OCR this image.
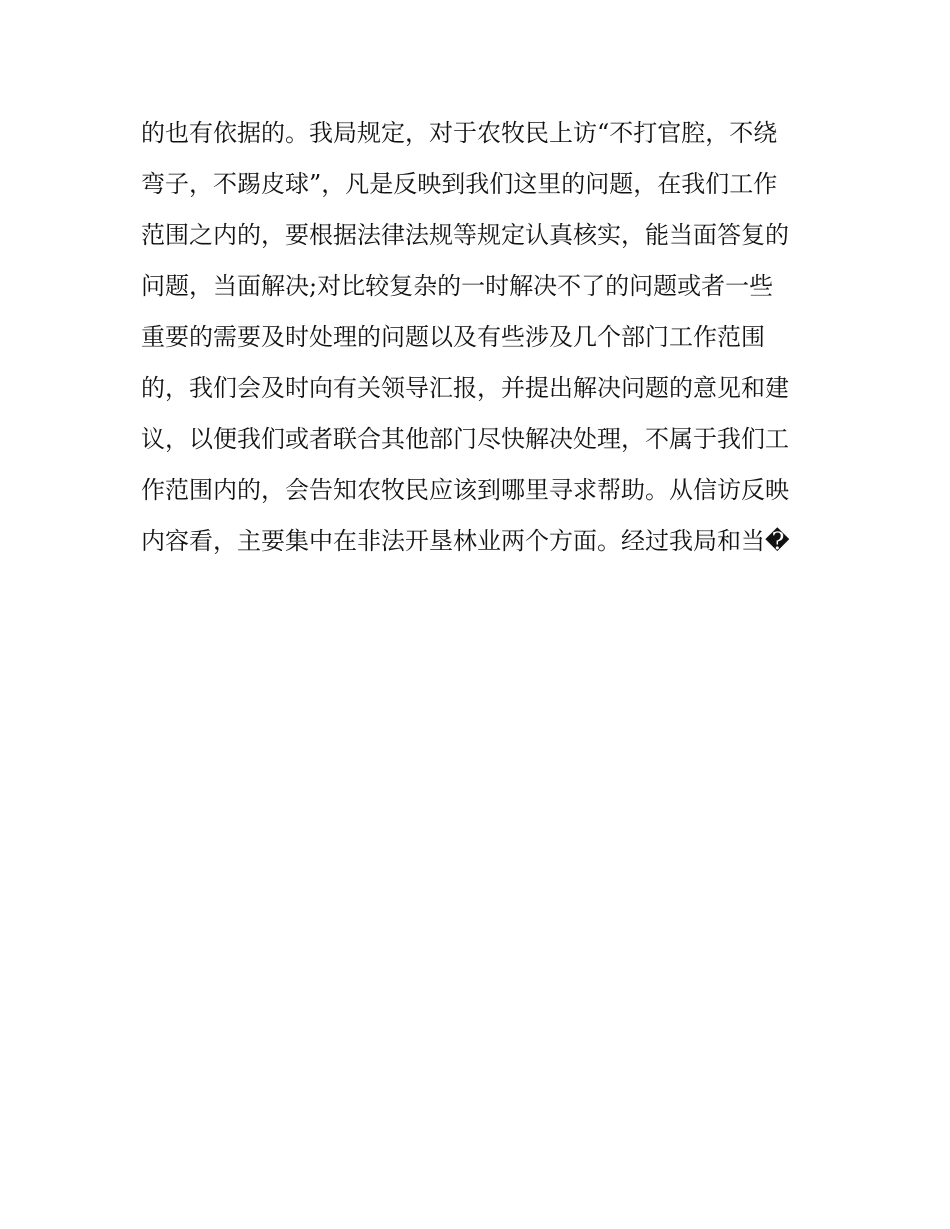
的也有依据的。我局规定，对于农牧民上访“不打官腔，不绕
弯子，不踢皮球”，凡是反映到我们这里的问题，在我们工作
范围之内的，要根据法律法规等规定认真核实，能当面答复的
问题，当面解决;对比较复杂的一时解决不了的问题或者一些
重要的需要及时处理的问题以及有些涉及几个部门工作范围
的，我们会及时向有关领导汇报，并提出解决问题的意见和建
议，以便我们或者联合其他部门尽快解决处理，不属于我们工
作范围内的，会告知农牧民应该到哪里寻求帮助。从信访反映
内容看，主要集中在非法开垦林业两个方面。经过我局和当�
